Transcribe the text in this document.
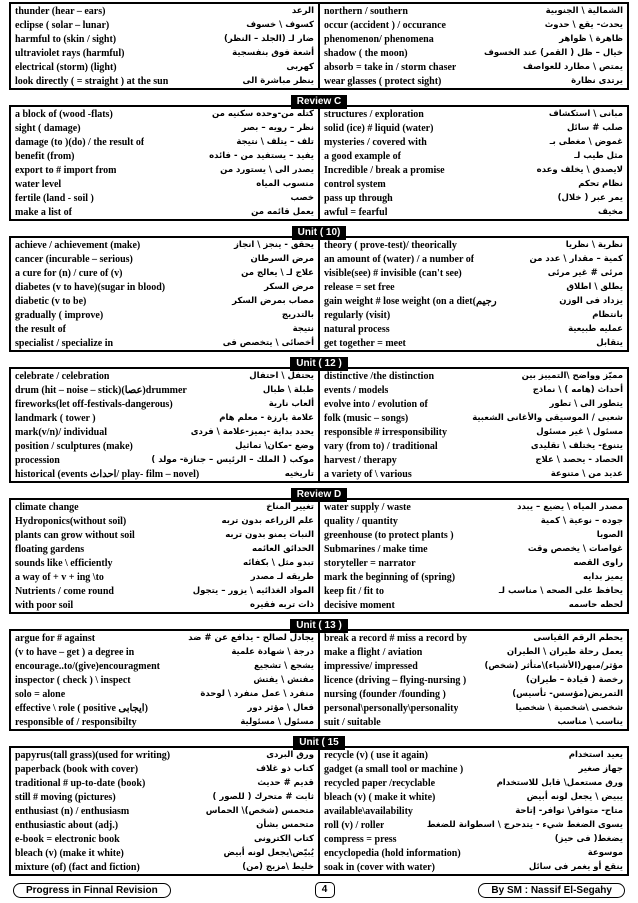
thunder (hear – ears)	الرعد
eclipse ( solar – lunar)	كسوف \ خسوف
harmful to (skin / sight)	ضار لـ (الجلد – النظر)
ultraviolet rays (harmful)	أشعة فوق بنفسجية
electrical (storm) (light)	كهربى
look directly ( = straight ) at the sun	ينظر مباشرة الى
northern / southern	الشمالية \ الجنوبية
occur (accident ) / occurance	يحدث- يقع \ حدوث
phenomenon/ phenomena	ظاهرة \ ظواهر
shadow ( the moon)	خيال – ظل ( القمر) عند الخسوف
absorb = take in / storm chaser	يمتص \ مطارد للعواصف
wear glasses ( protect sight)	يرتدى نظارة
Review C
a block of (wood -flats)	كتله من-وحده سكنيه من
sight ( damage)	نظر – رويه – بصر
damage (to )(do) / the result of	تلف – يتلف \ نتيجة
benefit (from)	يفيد – يستفيد من - فائده
export to # import from	يصدر الى \ يستورد من
water level	منسوب المياه
fertile (land - soil )	خصب
make a list of	يعمل قائمه من
structures / exploration	مبانى \ استكشاف
solid (ice) # liquid (water)	صلب # سائل
mysteries / covered with	غموض \ مغطى بـ
a good example of	مثل طيب لـ
Incredible / break a promise	لايصدق \ يخلف وعده
control system	نظام تحكم
pass up through	يمر عبر ( خلال)
awful = fearful	مخيف
Unit ( 10)
achieve / achievement (make)	يحقق - ينجز \ انجاز
cancer (incurable – serious)	مرض السرطان
a cure for (n) / cure of (v)	علاج لـ \ يعالج من
diabetes (v to have)(sugar in blood)	مرض السكر
diabetic (v to be)	مصاب بمرض السكر
gradually ( improve)	بالتدريج
the result of	نتيجة
specialist / specialize in	أخصائى \ يتخصص فى
theory ( prove-test)/ theorically	نظرية \ نظريا
an amount of (water) / a number of	كمية – مقدار \ عدد من
visible(see) # invisible (can't see)	مرئى # غير مرئى
release = set free	يطلق \ اطلاق
gain weight # lose weight (on a diet(رجيم	يزداد فى الوزن
regularly (visit)	بانتظام
natural process	عمليه طبيعية
get together = meet	يتقابل
Unit ( 12 )
celebrate / celebration	يحتفل \ احتفال
drum (hit – noise – stick)(عصا)drummer	طبلة \ طبال
fireworks(let off-festivals-dangerous)	ألعاب نارية
landmark ( tower )	علامة بارزة - معلم هام
mark(v/n)/ individual	يحدد بداية -يميز-علامة \ فردى
position / sculptures (make)	وضع -مكان\ تماثيل
procession	موكب ( الملك – الرئيس – جنازة- مولد )
historical (events احداث/ play- film – novel)	تاريخيه
distinctive /the distinction	مميّز وواضح \التمييز بين
events / models	أحداث (هامه ) \ نماذج
evolve into / evolution of	يتطور الى \ تطور
folk (music – songs)	شعبى / الموسيقى والأغانى الشعبية
responsible # irresponsibility	مسئول \ غير مسئول
vary (from to) / traditional	يتنوع- يختلف \ تقليدى
harvest / therapy	الحصاد - يحصد \ علاج
a variety of \ various	عديد من \ متنوعة
Review D
climate change	تغيير المناخ
Hydroponics(without soil)	علم الزراعه بدون تربه
plants can grow without soil	النبات يمنو بدون تربه
floating gardens	الحدائق العائمه
sounds like \ efficiently	تبدو مثل \ بكفائه
a way of + v + ing \to	طريقه لـ مصدر
Nutrients / come round	المواد الغذائيه \ يزور – يتجول
with poor soil	ذات تربه فقيره
water supply / waste	مصدر المياه \ يضيع – يبدد
quality / quantity	جوده – نوعية \ كمية
greenhouse (to protect plants )	الصوبا
Submarines / make time	غواصات \ يخصص وقت
storyteller = narrator	راوى القصه
mark the beginning of (spring)	يميز بدايه
keep fit / fit to	يحافظ على الصحه \ مناسب لـ
decisive moment	لحظه حاسمه
Unit ( 13 )
argue for # against	يجادل لصالح - يدافع عن # ضد
(v to have – get ) a degree in	درجة \ شهادة علمية
encourage..to/(give)encouragment	يشجع \ تشجيع
inspector ( check ) \ inspect	مفتش \ يفتش
solo = alone	منفرد \ عمل منفرد \ لوحدة
effective \ role ( positive ايجابى)	فعال \ مؤثر دور
responsible of / responsibilty	مسئول \ مسئولية
break a record # miss a record by	يحطم الرقم القياسى
make a flight / aviation	يعمل رحلة طيران \ الطيران
impressive/ impressed	مؤثر/مبهر(الأشياء)\متأثر (شخص)
licence (driving – flying-nursing )	رخصة ( قيادة – طيران)
nursing (founder /founding )	التمريض(مؤسس- تأسيس)
personal\personally\personality	شخصى \شخصية \ شخصيا
suit / suitable	يناسب \ مناسب
Unit ( 15
papyrus(tall grass)(used for writing)	ورق البردى
paperback (book with cover)	كتاب ذو غلاف
traditional # up-to-date (book)	قديم # حديث
still # moving (pictures)	ثابت # متحرك ( للصور )
enthusiast (n) / enthusiasm	متحمس (شخص)\ الحماس
enthusiastic about (adj.)	متحمس بشأن
e-book = electronic book	كتاب الكترونى
bleach (v) (make it white)	يُبيّض\يجعل لونه أبيض
mixture (of) (fact and fiction)	خليط \مزيج (من)
recycle (v) ( use it again)	يعيد استخدام
gadget (a small tool or machine )	جهاز صغير
recycled paper /recyclable	ورق مستعمل\ قابل للاستخدام
bleach (v) ( make it white)	يبيض \ يجعل لونه أبيض
available\availability	متاح- متوافر\ توافر- إتاحة
roll (v) / roller	يسوى الضغط شيء - يتدحرج \ اسطوانة للضغط
compress = press	يضغط( فى حيز)
encyclopedia (hold information)	موسوعة
soak in (cover with water)	ينقع أو يغمر فى سائل
Progress in Finnal Revision	4	By SM : Nassif El-Segahy
